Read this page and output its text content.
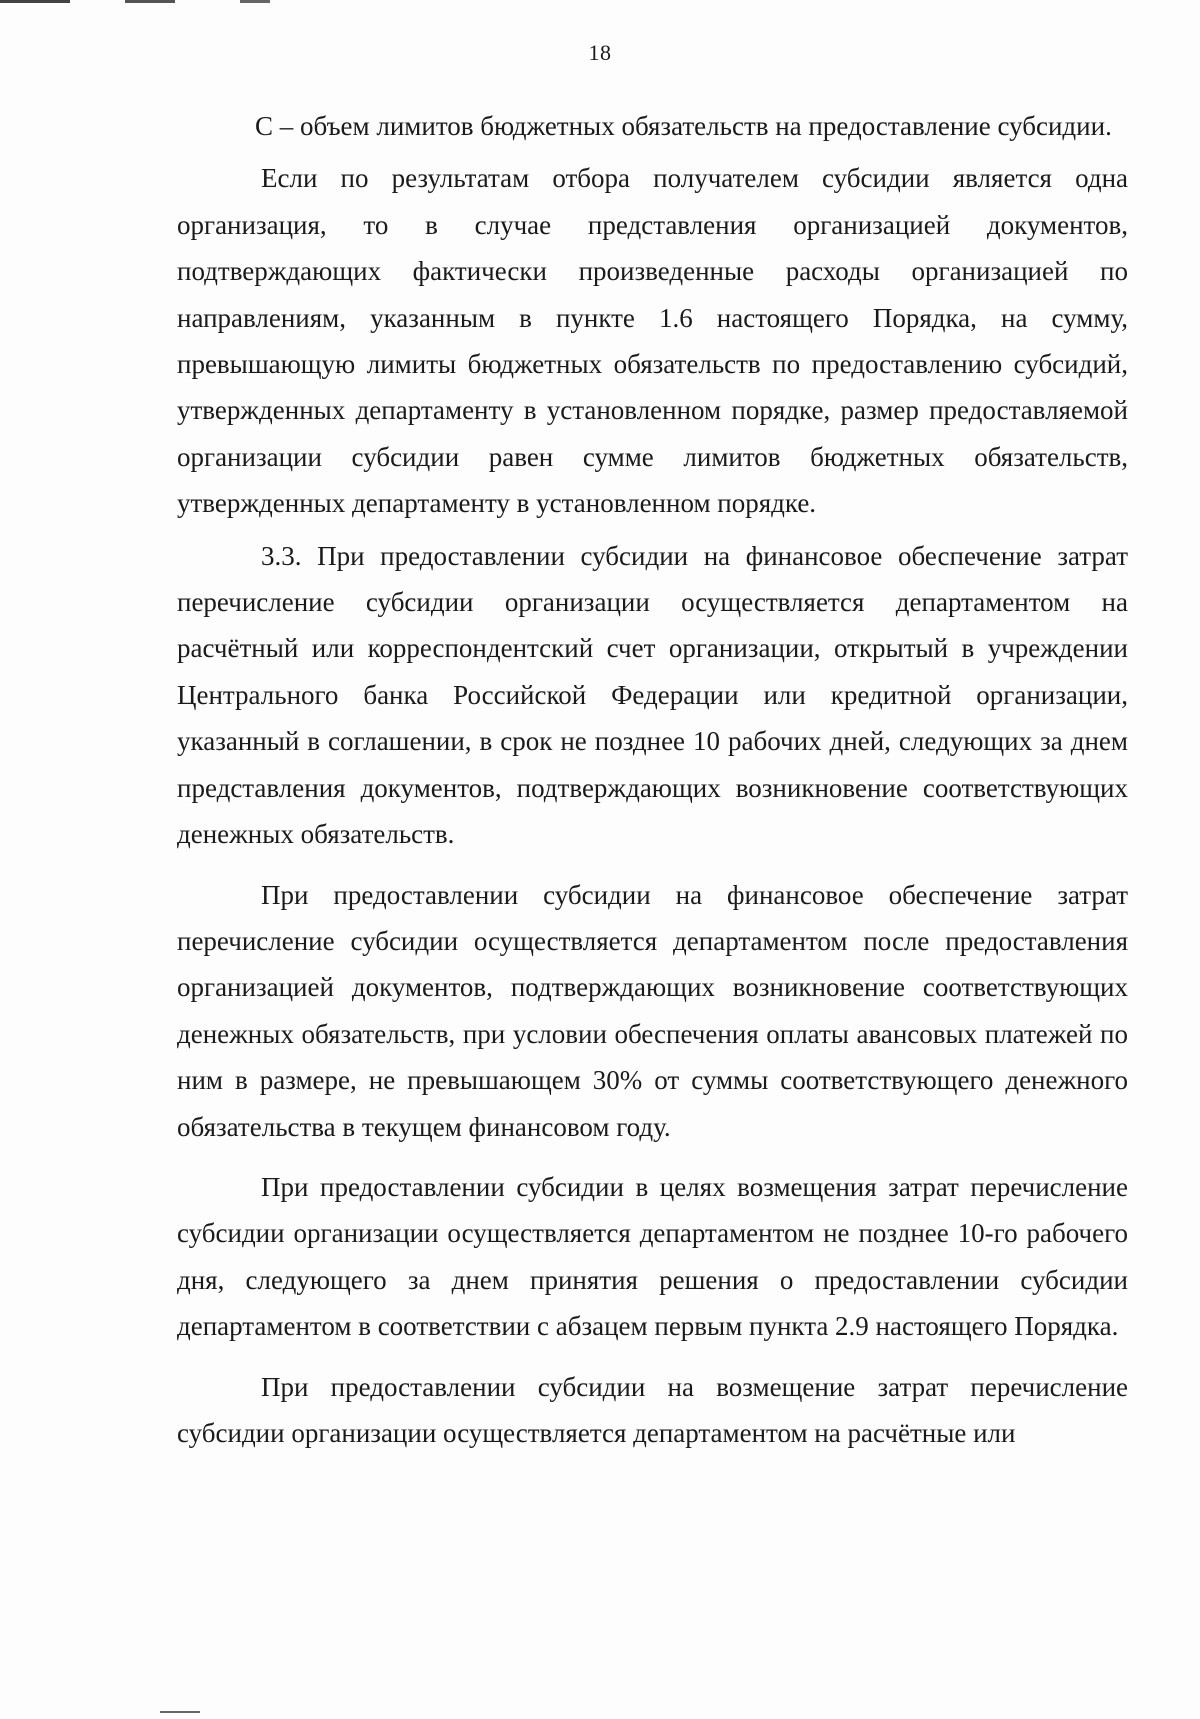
18

С – объем лимитов бюджетных обязательств на предоставление субсидии.

Если по результатам отбора получателем субсидии является одна организация, то в случае представления организацией документов, подтверждающих фактически произведенные расходы организацией по направлениям, указанным в пункте 1.6 настоящего Порядка, на сумму, превышающую лимиты бюджетных обязательств по предоставлению субсидий, утвержденных департаменту в установленном порядке, размер предоставляемой организации субсидии равен сумме лимитов бюджетных обязательств, утвержденных департаменту в установленном порядке.

3.3. При предоставлении субсидии на финансовое обеспечение затрат перечисление субсидии организации осуществляется департаментом на расчётный или корреспондентский счет организации, открытый в учреждении Центрального банка Российской Федерации или кредитной организации, указанный в соглашении, в срок не позднее 10 рабочих дней, следующих за днем представления документов, подтверждающих возникновение соответствующих денежных обязательств.

При предоставлении субсидии на финансовое обеспечение затрат перечисление субсидии осуществляется департаментом после предоставления организацией документов, подтверждающих возникновение соответствующих денежных обязательств, при условии обеспечения оплаты авансовых платежей по ним в размере, не превышающем 30% от суммы соответствующего денежного обязательства в текущем финансовом году.

При предоставлении субсидии в целях возмещения затрат перечисление субсидии организации осуществляется департаментом не позднее 10-го рабочего дня, следующего за днем принятия решения о предоставлении субсидии департаментом в соответствии с абзацем первым пункта 2.9 настоящего Порядка.

При предоставлении субсидии на возмещение затрат перечисление субсидии организации осуществляется департаментом на расчётные или
